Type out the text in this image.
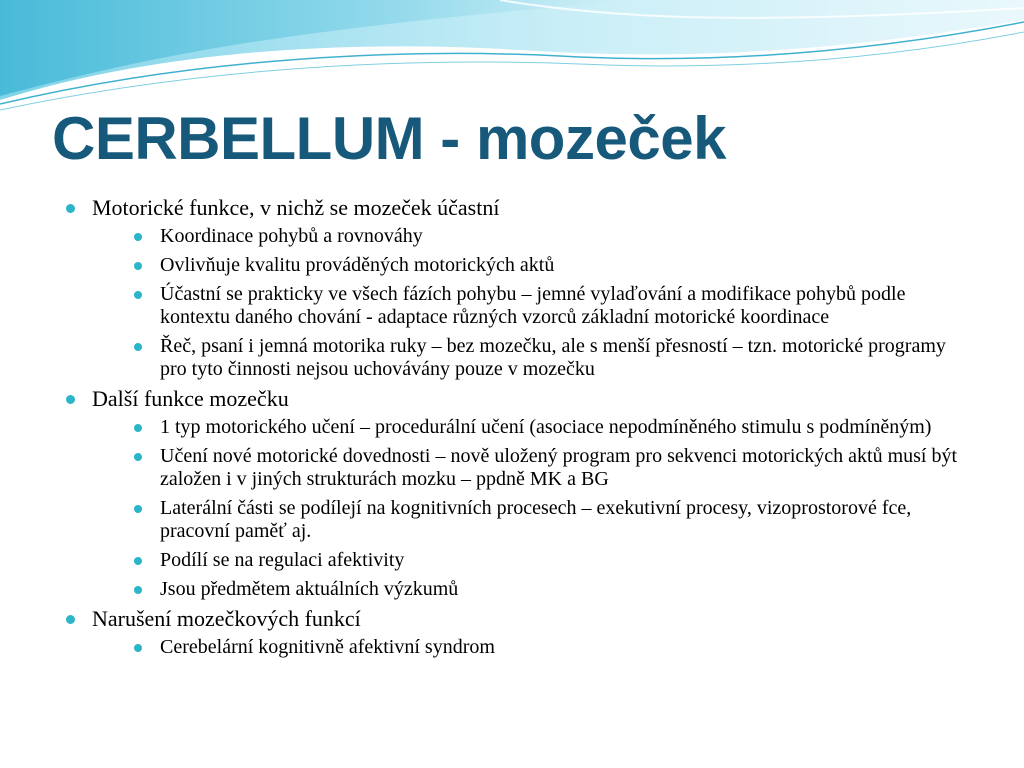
CERBELLUM - mozeček
Motorické funkce, v nichž se mozeček účastní
Koordinace pohybů a rovnováhy
Ovlivňuje kvalitu prováděných motorických aktů
Účastní se prakticky ve všech fázích pohybu – jemné vylaďování a modifikace pohybů podle kontextu daného chování - adaptace různých vzorců základní motorické koordinace
Řeč, psaní i jemná motorika ruky – bez mozečku, ale s menší přesností – tzn. motorické programy pro tyto činnosti nejsou uchovávány pouze v mozečku
Další funkce mozečku
1 typ motorického učení – procedurální učení (asociace nepodmíněného stimulu s podmíněným)
Učení nové motorické dovednosti – nově uložený program pro sekvenci motorických aktů musí být založen i v jiných strukturách mozku – ppdně MK a BG
Laterální části se podílejí na kognitivních procesech – exekutivní procesy, vizoprostorové fce, pracovní paměť aj.
Podílí se na regulaci afektivity
Jsou předmětem aktuálních výzkumů
Narušení mozečkových funkcí
Cerebelární kognitivně afektivní syndrom
